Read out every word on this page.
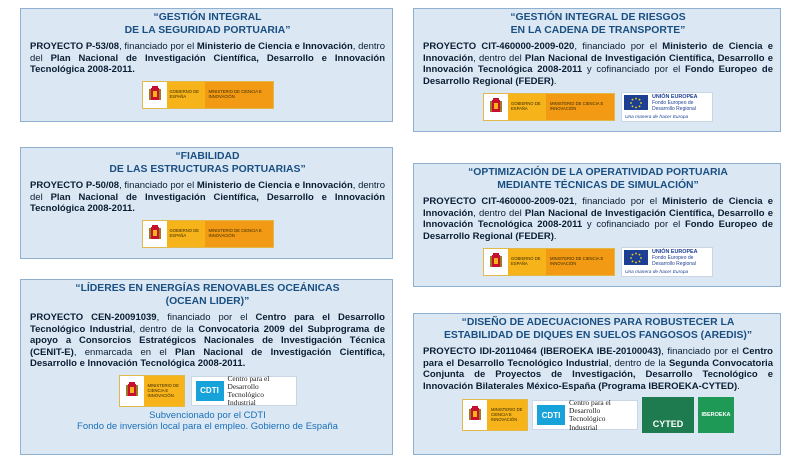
“GESTIÓN INTEGRAL
DE LA SEGURIDAD PORTUARIA”

PROYECTO P-53/08, financiado por el Ministerio de Ciencia e Innovación, dentro del Plan Nacional de Investigación Científica, Desarrollo e Innovación Tecnológica 2008-2011.

GOBIERNO DE ESPAÑA
MINISTERIO DE CIENCIA E INNOVACIÓN
“GESTIÓN INTEGRAL DE RIESGOS
EN LA CADENA DE TRANSPORTE”

PROYECTO CIT-460000-2009-020, financiado por el Ministerio de Ciencia e Innovación, dentro del Plan Nacional de Investigación Científica, Desarrollo e Innovación Tecnológica 2008-2011 y cofinanciado por el Fondo Europeo de Desarrollo Regional (FEDER).

GOBIERNO DE ESPAÑA
MINISTERIO DE CIENCIA E INNOVACIÓN
UNIÓN EUROPEA
Fondo Europeo de Desarrollo Regional
Una manera de hacer Europa
“FIABILIDAD
DE LAS ESTRUCTURAS PORTUARIAS”

PROYECTO P-50/08, financiado por el Ministerio de Ciencia e Innovación, dentro del Plan Nacional de Investigación Científica, Desarrollo e Innovación Tecnológica 2008-2011.

GOBIERNO DE ESPAÑA
MINISTERIO DE CIENCIA E INNOVACIÓN
“OPTIMIZACIÓN DE LA OPERATIVIDAD PORTUARIA
MEDIANTE TÉCNICAS DE SIMULACIÓN”

PROYECTO CIT-460000-2009-021, financiado por el Ministerio de Ciencia e Innovación, dentro del Plan Nacional de Investigación Científica, Desarrollo e Innovación Tecnológica 2008-2011 y cofinanciado por el Fondo Europeo de Desarrollo Regional (FEDER).

GOBIERNO DE ESPAÑA
MINISTERIO DE CIENCIA E INNOVACIÓN
UNIÓN EUROPEA
Fondo Europeo de Desarrollo Regional
Una manera de hacer Europa
“LÍDERES EN ENERGÍAS RENOVABLES OCEÁNICAS
(OCEAN LIDER)”

PROYECTO CEN-20091039, financiado por el Centro para el Desarrollo Tecnológico Industrial, dentro de la Convocatoria 2009 del Subprograma de apoyo a Consorcios Estratégicos Nacionales de Investigación Técnica (CENIT-E), enmarcada en el Plan Nacional de Investigación Científica, Desarrollo e Innovación Tecnológica 2008-2011.

MINISTERIO DE CIENCIA E INNOVACIÓN	CDTI
Centro para el Desarrollo Tecnológico Industrial
Subvencionado por el CDTI
Fondo de inversión local para el empleo. Gobierno de España
“DISEÑO DE ADECUACIONES PARA ROBUSTECER LA
ESTABILIDAD DE DIQUES EN SUELOS FANGOSOS (AREDIS)”

PROYECTO IDI-20110464 (IBEROEKA IBE-20100043), financiado por el Centro para el Desarrollo Tecnológico Industrial, dentro de la Segunda Convocatoria Conjunta de Proyectos de Investigación, Desarrollo Tecnológico e Innovación Bilaterales México-España (Programa IBEROEKA-CYTED).

MINISTERIO DE CIENCIA E INNOVACIÓN	CDTI
Centro para el Desarrollo Tecnológico Industrial	CYTED
IBEROEKA
